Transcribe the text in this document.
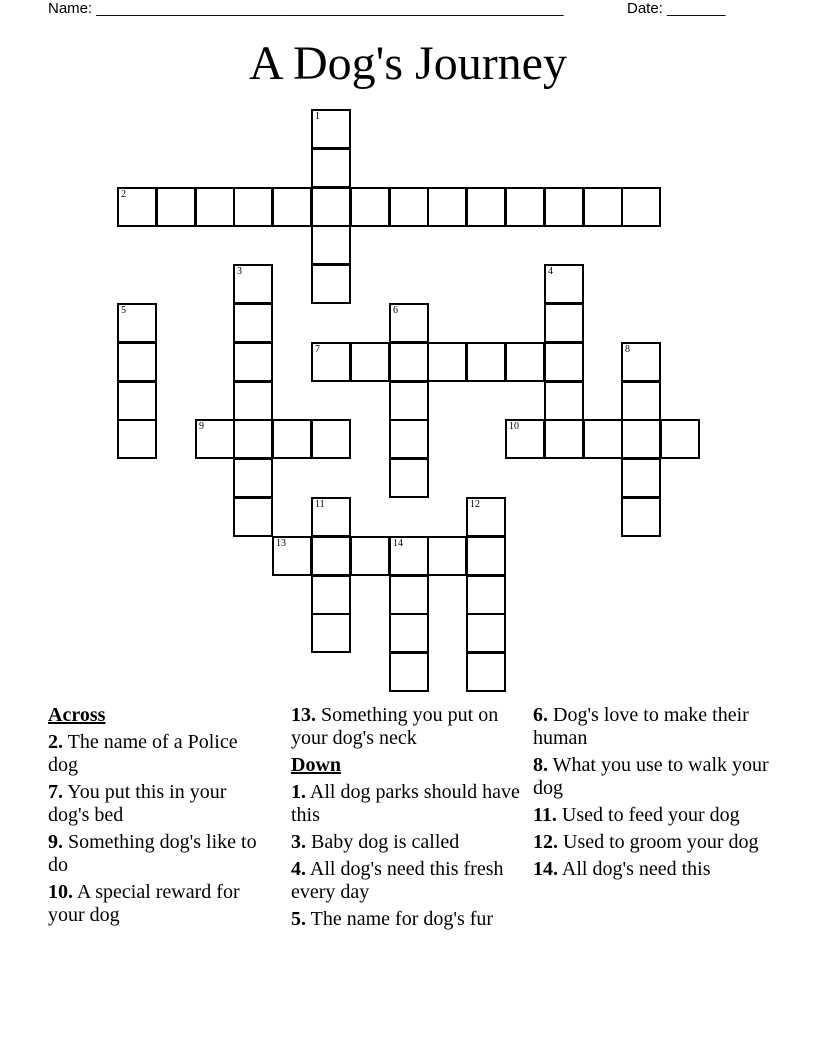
Name: ________________________________________________________	Date: _______
A Dog's Journey
1
2
3	4
5	6
7	8
9	10
11	12
13	14
Across
2. The name of a Police dog
7. You put this in your dog's bed
9. Something dog's like to do
10. A special reward for your dog
13. Something you put on your dog's neck
Down
1. All dog parks should have this
3. Baby dog is called
4. All dog's need this fresh every day
5. The name for dog's fur
6. Dog's love to make their human
8. What you use to walk your dog
11. Used to feed your dog
12. Used to groom your dog
14. All dog's need this
